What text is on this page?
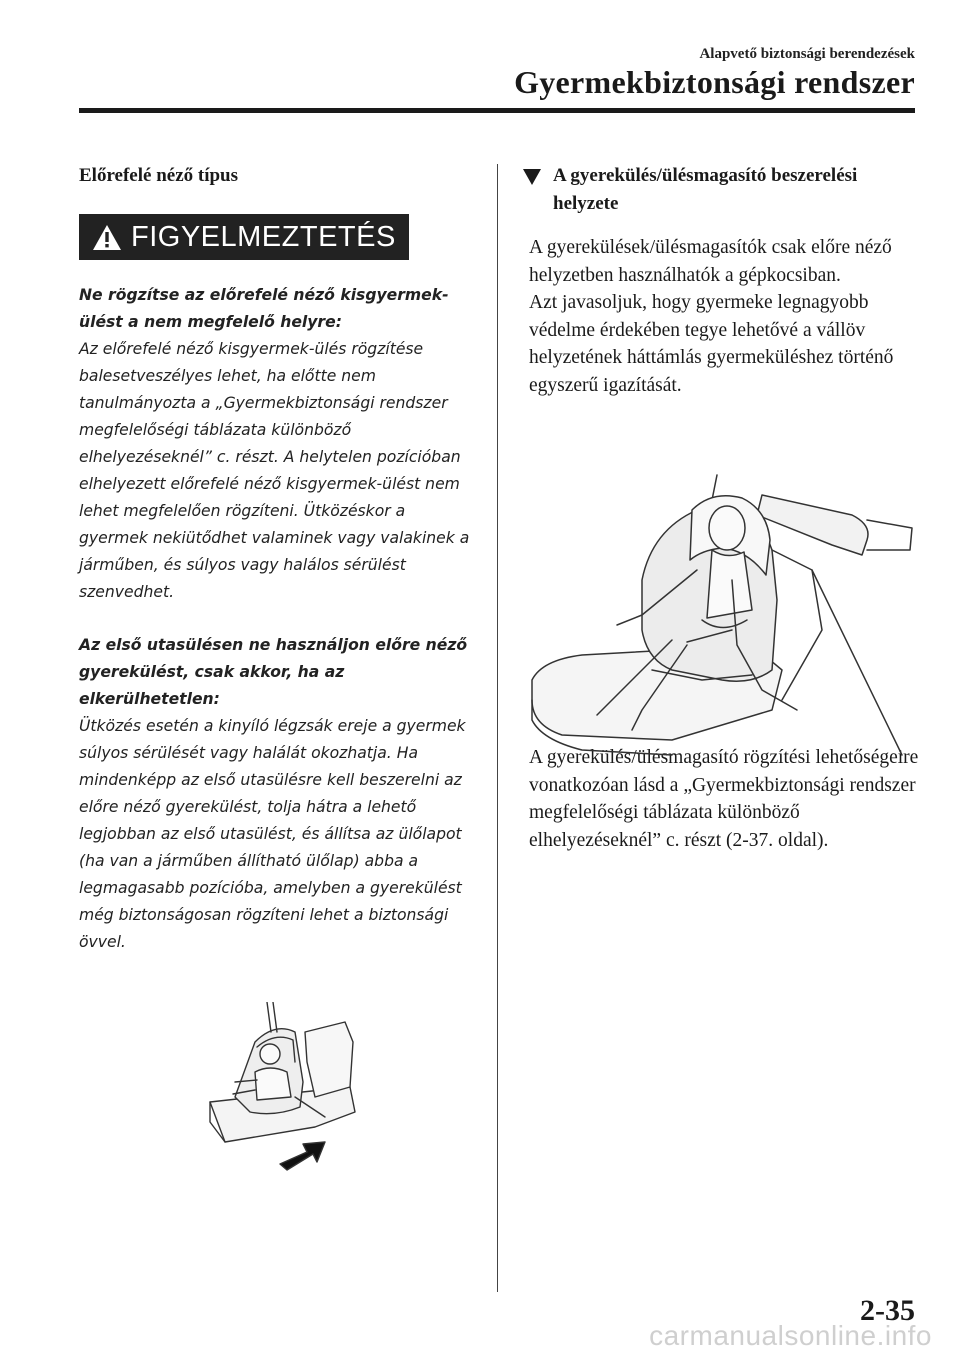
Alapvető biztonsági berendezések
Gyermekbiztonsági rendszer
Előrefelé néző típus
FIGYELMEZTETÉS

Ne rögzítse az előrefelé néző kisgyermek-ülést a nem megfelelő helyre:

Az előrefelé néző kisgyermek-ülés rögzítése balesetveszélyes lehet, ha előtte nem tanulmányozta a „Gyermekbiztonsági rendszer megfelelőségi táblázata különböző elhelyezéseknél” c. részt. A helytelen pozícióban elhelyezett előrefelé néző kisgyermek-ülést nem lehet megfelelően rögzíteni. Ütközéskor a gyermek nekiütődhet valaminek vagy valakinek a járműben, és súlyos vagy halálos sérülést szenvedhet.

Az első utasülésen ne használjon előre néző gyerekülést, csak akkor, ha az elkerülhetetlen:

Ütközés esetén a kinyíló légzsák ereje a gyermek súlyos sérülését vagy halálát okozhatja. Ha mindenképp az első utasülésre kell beszerelni az előre néző gyerekülést, tolja hátra a lehető legjobban az első utasülést, és állítsa az ülőlapot (ha van a járműben állítható ülőlap) abba a legmagasabb pozícióba, amelyben a gyerekülést még biztonságosan rögzíteni lehet a biztonsági övvel.

A gyerekülés/ülésmagasító beszerelési helyzete

A gyerekülések/ülésmagasítók csak előre néző helyzetben használhatók a gépkocsiban.

Azt javasoljuk, hogy gyermeke legnagyobb védelme érdekében tegye lehetővé a vállöv helyzetének háttámlás gyermeküléshez történő egyszerű igazítását.

A gyerekülés/ülésmagasító rögzítési lehetőségeire vonatkozóan lásd a „Gyermekbiztonsági rendszer megfelelőségi táblázata különböző elhelyezéseknél” c. részt (2-37. oldal).

2-35
carmanualsonline.info
